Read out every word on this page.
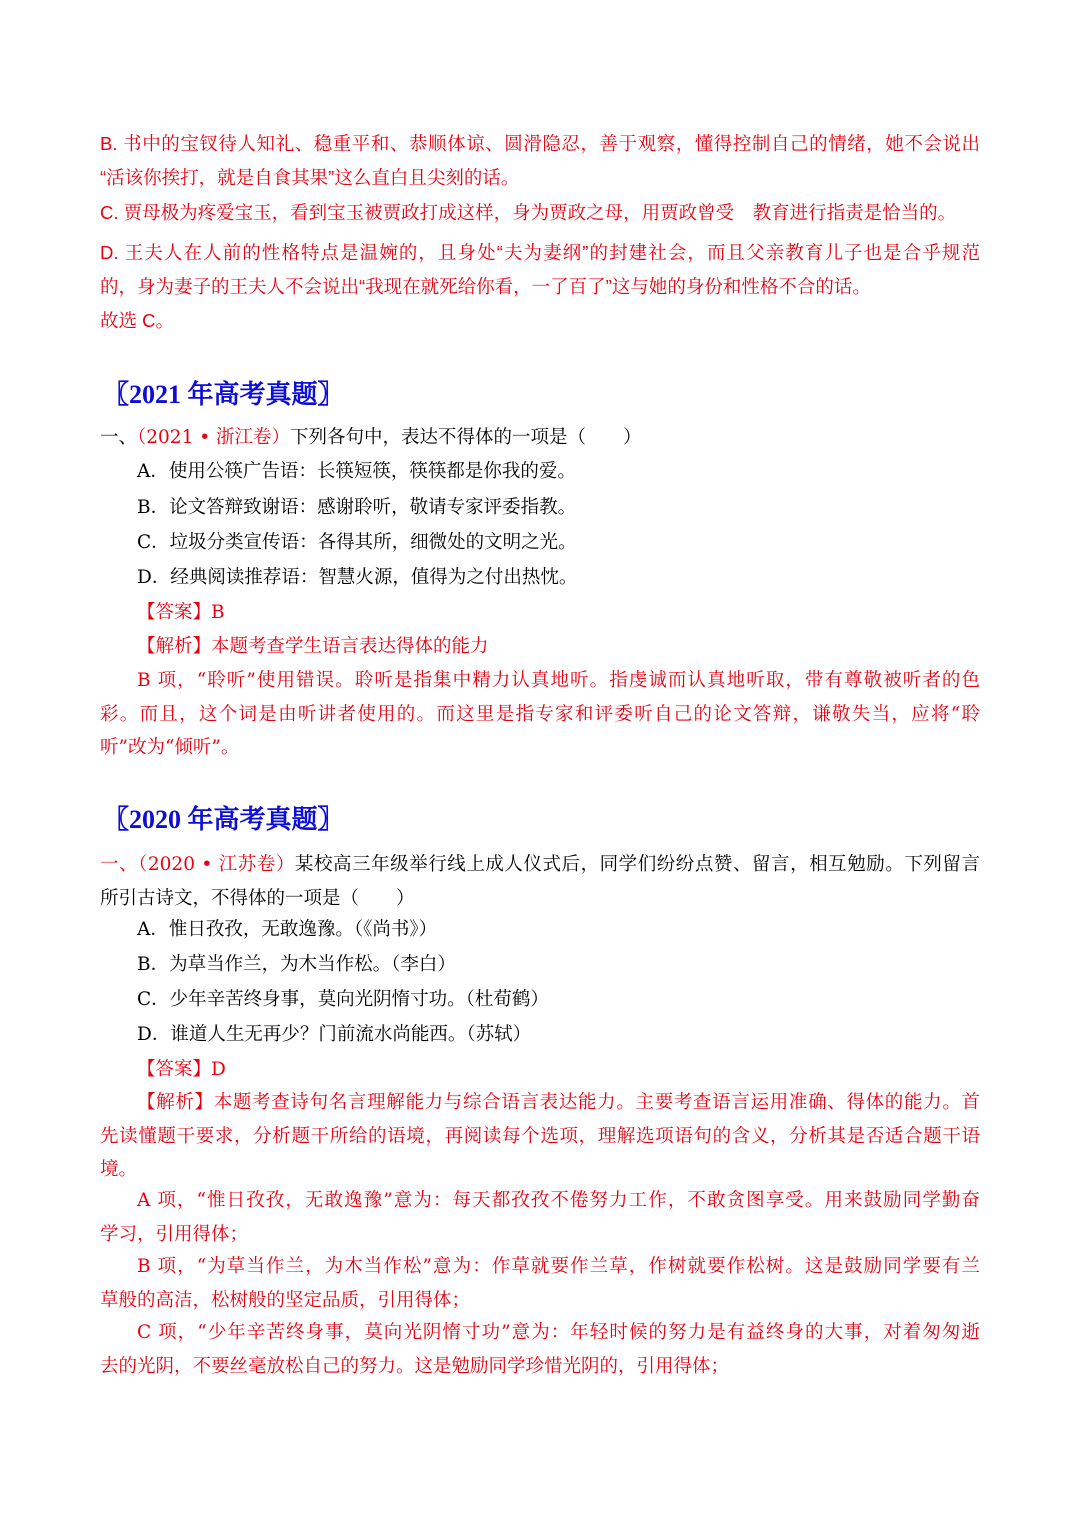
B. 书中的宝钗待人知礼、稳重平和、恭顺体谅、圆滑隐忍，善于观察，懂得控制自己的情绪，她不会说出
“活该你挨打，就是自食其果”这么直白且尖刻的话。
C. 贾母极为疼爱宝玉，看到宝玉被贾政打成这样，身为贾政之母，用贾政曾受　教育进行指责是恰当的。
D. 王夫人在人前的性格特点是温婉的，且身处“夫为妻纲”的封建社会，而且父亲教育儿子也是合乎规范
的，身为妻子的王夫人不会说出“我现在就死给你看，一了百了”这与她的身份和性格不合的话。
故选 C。
〖2021 年高考真题〗
一、（2021 • 浙江卷）下列各句中，表达不得体的一项是（　　）
A．使用公筷广告语：长筷短筷，筷筷都是你我的爱。
B．论文答辩致谢语：感谢聆听，敬请专家评委指教。
C．垃圾分类宣传语：各得其所，细微处的文明之光。
D．经典阅读推荐语：智慧火源，值得为之付出热忱。
【答案】B
【解析】本题考查学生语言表达得体的能力
B 项，“聆听”使用错误。聆听是指集中精力认真地听。指虔诚而认真地听取，带有尊敬被听者的色
彩。而且，这个词是由听讲者使用的。而这里是指专家和评委听自己的论文答辩，谦敬失当，应将“聆
听”改为“倾听”。
〖2020 年高考真题〗
一、（2020 • 江苏卷）某校高三年级举行线上成人仪式后，同学们纷纷点赞、留言，相互勉励。下列留言
所引古诗文，不得体的一项是（　　）
A．惟日孜孜，无敢逸豫。（《尚书》）
B．为草当作兰，为木当作松。（李白）
C．少年辛苦终身事，莫向光阴惰寸功。（杜荀鹤）
D．谁道人生无再少？门前流水尚能西。（苏轼）
【答案】D
【解析】本题考查诗句名言理解能力与综合语言表达能力。主要考查语言运用准确、得体的能力。首
先读懂题干要求，分析题干所给的语境，再阅读每个选项，理解选项语句的含义，分析其是否适合题干语
境。
A 项，“惟日孜孜，无敢逸豫”意为：每天都孜孜不倦努力工作，不敢贪图享受。用来鼓励同学勤奋
学习，引用得体；
B 项，“为草当作兰，为木当作松”意为：作草就要作兰草，作树就要作松树。这是鼓励同学要有兰
草般的高洁，松树般的坚定品质，引用得体；
C 项，“少年辛苦终身事，莫向光阴惰寸功”意为：年轻时候的努力是有益终身的大事，对着匆匆逝
去的光阴，不要丝毫放松自己的努力。这是勉励同学珍惜光阴的，引用得体；
